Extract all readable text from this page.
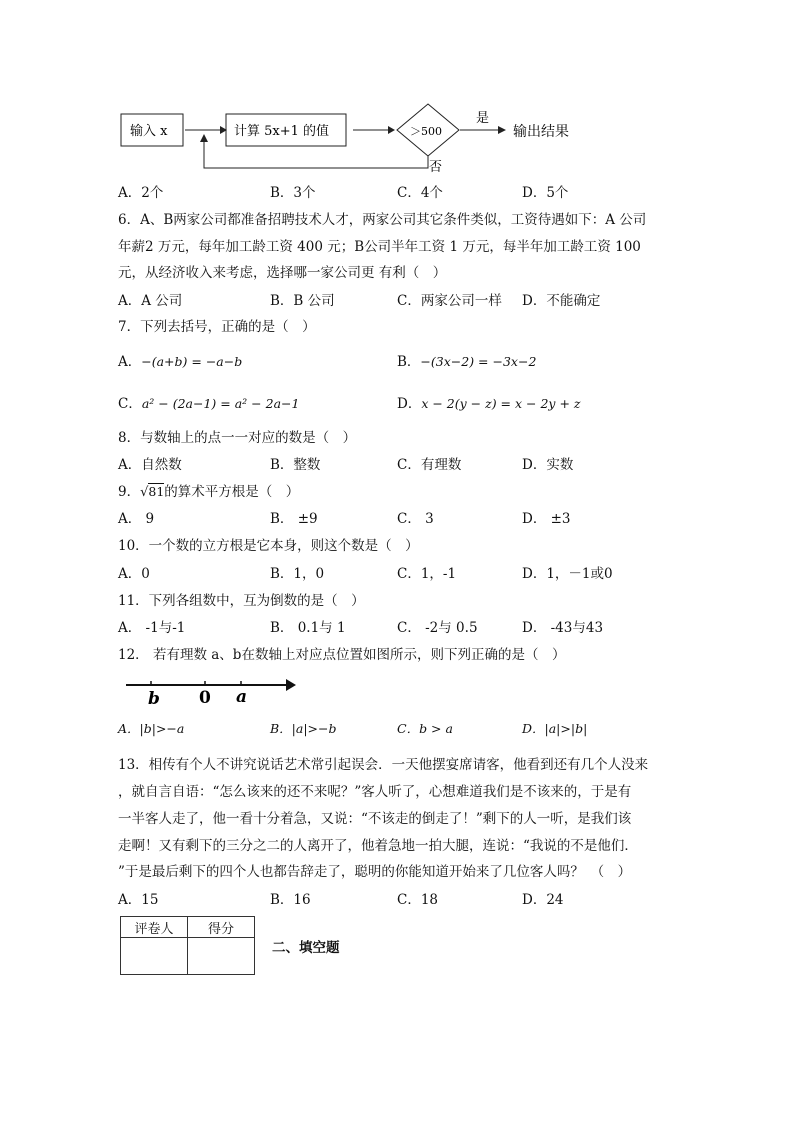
输入 x	计算 5x+1 的值	＞500
是
输出结果
否
A．2个	B．3个	C．4个	D．5个
6．A、B两家公司都准备招聘技术人才，两家公司其它条件类似，工资待遇如下：A 公司
年薪2 万元，每年加工龄工资 400 元；B公司半年工资 1 万元，每半年加工龄工资 100
元，从经济收入来考虑，选择哪一家公司更 有利（　）
A．A 公司	B．B 公司	C．两家公司一样 D．不能确定
7．下列去括号，正确的是（　）
A．−(a+b) = −a−b	B．−(3x−2) = −3x−2
C．a² − (2a−1) = a² − 2a−1	D．x − 2(y − z) = x − 2y + z
8．与数轴上的点一一对应的数是（　）
A．自然数	B．整数	C．有理数	D．实数
9．√81的算术平方根是（　）
A． 9	B． ±9	C． 3	D． ±3
10．一个数的立方根是它本身，则这个数是（　）
A．0	B．1，0	C．1，-1	D．1，－1或0
11．下列各组数中，互为倒数的是（　）
A． -1与-1	B． 0.1与 1	C． -2与 0.5	D． -43与43
12． 若有理数 a、b在数轴上对应点位置如图所示，则下列正确的是（　）
b 0 a
A．|b|>−a	B．|a|>−b	C．b > a	D．|a|>|b|
13．相传有个人不讲究说话艺术常引起误会．一天他摆宴席请客，他看到还有几个人没来
，就自言自语：“怎么该来的还不来呢？”客人听了，心想难道我们是不该来的，于是有
一半客人走了，他一看十分着急，又说：“不该走的倒走了！”剩下的人一听，是我们该
走啊！又有剩下的三分之二的人离开了，他着急地一拍大腿，连说：“我说的不是他们．
”于是最后剩下的四个人也都告辞走了，聪明的你能知道开始来了几位客人吗？　（　）
A．15	B．16	C．18	D．24
评卷人	得分

二、填空题
